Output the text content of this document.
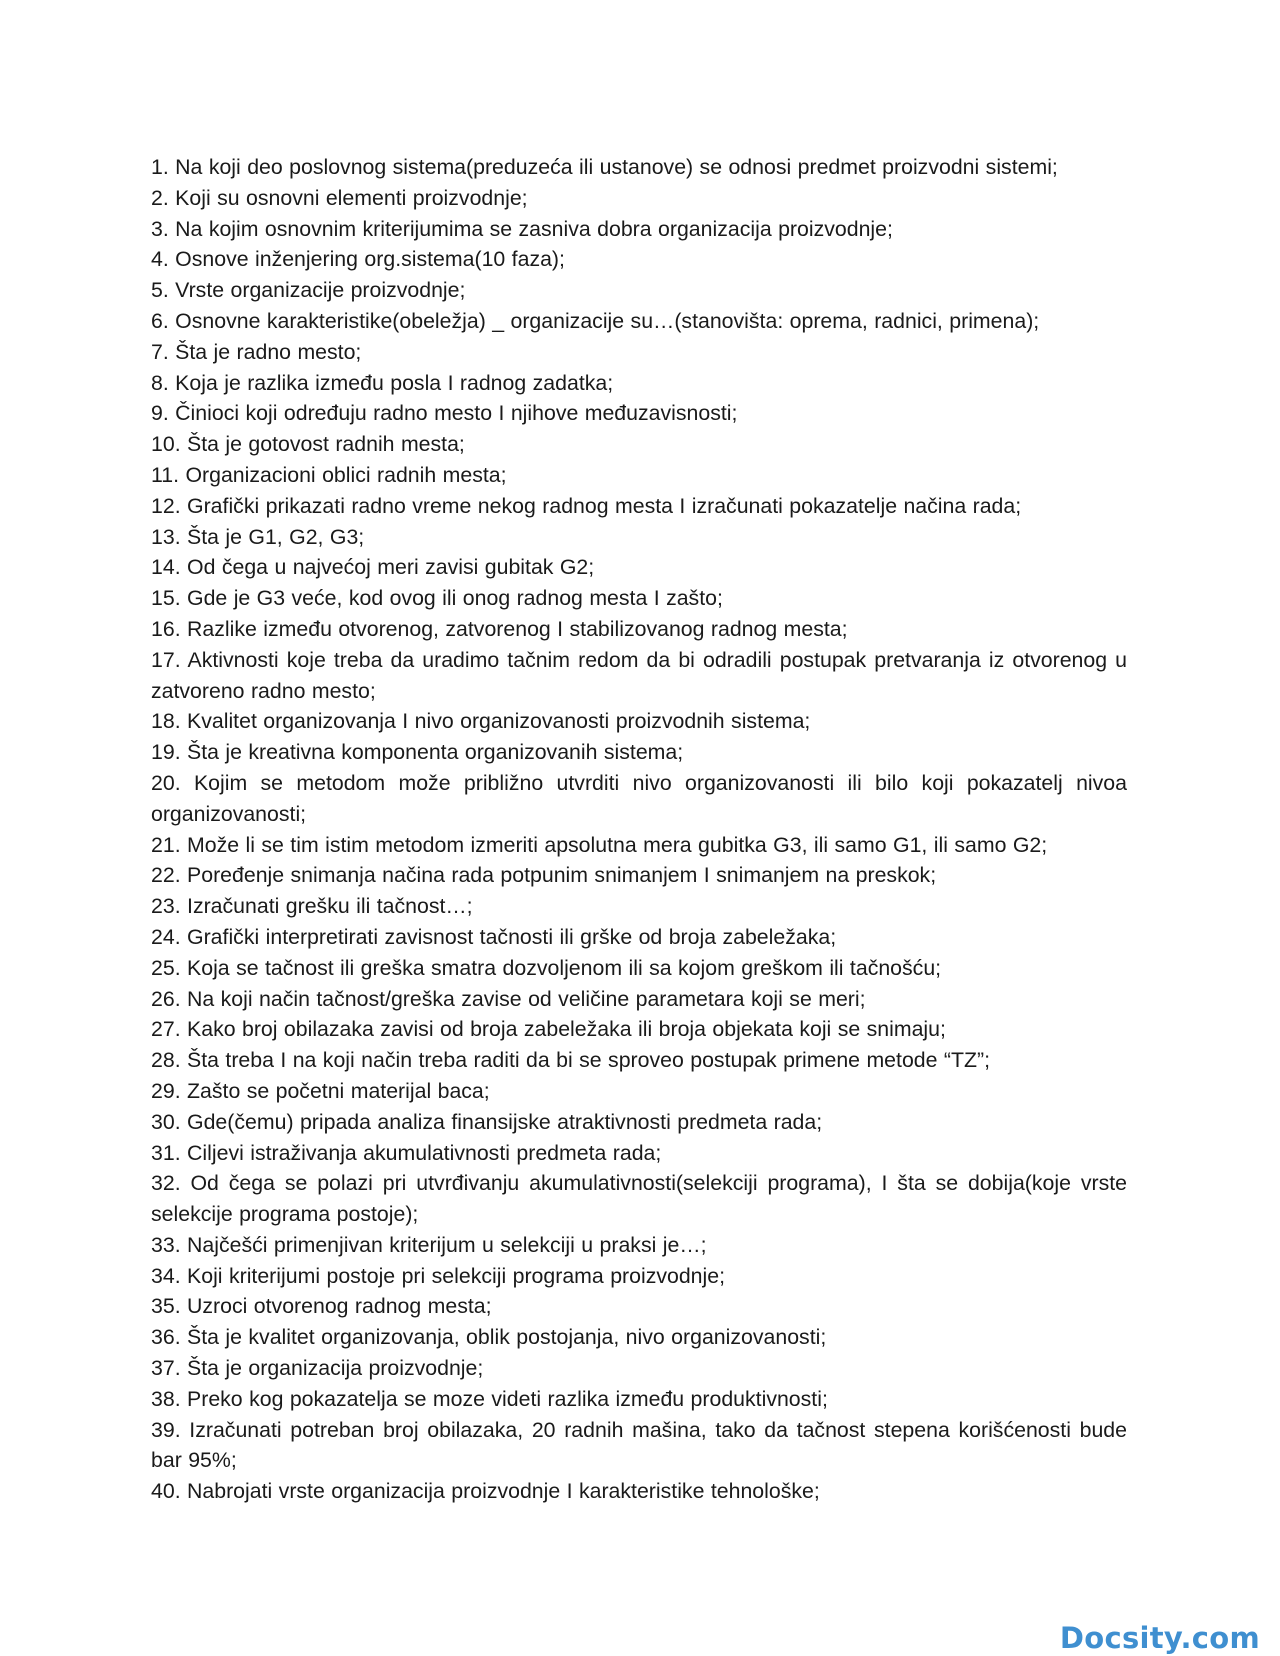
1. Na koji deo poslovnog sistema(preduzeća ili ustanove) se odnosi predmet proizvodni sistemi;
2. Koji su osnovni elementi proizvodnje;
3. Na kojim osnovnim kriterijumima se zasniva dobra organizacija proizvodnje;
4. Osnove inženjering org.sistema(10 faza);
5. Vrste organizacije proizvodnje;
6. Osnovne karakteristike(obeležja) _ organizacije su…(stanovišta: oprema, radnici, primena);
7. Šta je radno mesto;
8. Koja je razlika između posla I radnog zadatka;
9. Činioci koji određuju radno mesto I njihove međuzavisnosti;
10. Šta je gotovost radnih mesta;
11. Organizacioni oblici radnih mesta;
12. Grafički prikazati radno vreme nekog radnog mesta I izračunati pokazatelje načina rada;
13. Šta je G1, G2, G3;
14. Od čega u najvećoj meri zavisi gubitak G2;
15. Gde je G3 veće, kod ovog ili onog radnog mesta I zašto;
16. Razlike između otvorenog, zatvorenog I stabilizovanog radnog mesta;
17. Aktivnosti koje treba da uradimo tačnim redom da bi odradili postupak pretvaranja iz otvorenog u zatvoreno radno mesto;
18. Kvalitet organizovanja I nivo organizovanosti proizvodnih sistema;
19. Šta je kreativna komponenta organizovanih sistema;
20. Kojim se metodom može približno utvrditi nivo organizovanosti ili bilo koji pokazatelj nivoa organizovanosti;
21. Može li se tim istim metodom izmeriti apsolutna mera gubitka G3, ili samo G1, ili samo G2;
22. Poređenje snimanja načina rada potpunim snimanjem I snimanjem na preskok;
23. Izračunati grešku ili tačnost…;
24. Grafički interpretirati zavisnost tačnosti ili grške od broja zabeležaka;
25. Koja se tačnost ili greška smatra dozvoljenom ili sa kojom greškom ili tačnošću;
26. Na koji način tačnost/greška zavise od veličine parametara koji se meri;
27. Kako broj obilazaka zavisi od broja zabeležaka ili broja objekata koji se snimaju;
28. Šta treba I na koji način treba raditi da bi se sproveo postupak primene metode “TZ”;
29. Zašto se početni materijal baca;
30. Gde(čemu) pripada analiza finansijske atraktivnosti predmeta rada;
31. Ciljevi istraživanja akumulativnosti predmeta rada;
32. Od čega se polazi pri utvrđivanju akumulativnosti(selekciji programa), I šta se dobija(koje vrste selekcije programa postoje);
33. Najčešći primenjivan kriterijum u selekciji u praksi je…;
34. Koji kriterijumi postoje pri selekciji programa proizvodnje;
35. Uzroci otvorenog radnog mesta;
36. Šta je kvalitet organizovanja, oblik postojanja, nivo organizovanosti;
37. Šta je organizacija proizvodnje;
38. Preko kog pokazatelja se moze videti razlika između produktivnosti;
39. Izračunati potreban broj obilazaka, 20 radnih mašina, tako da tačnost stepena korišćenosti bude bar 95%;
40. Nabrojati vrste organizacija proizvodnje I karakteristike tehnološke;
Docsity.com
